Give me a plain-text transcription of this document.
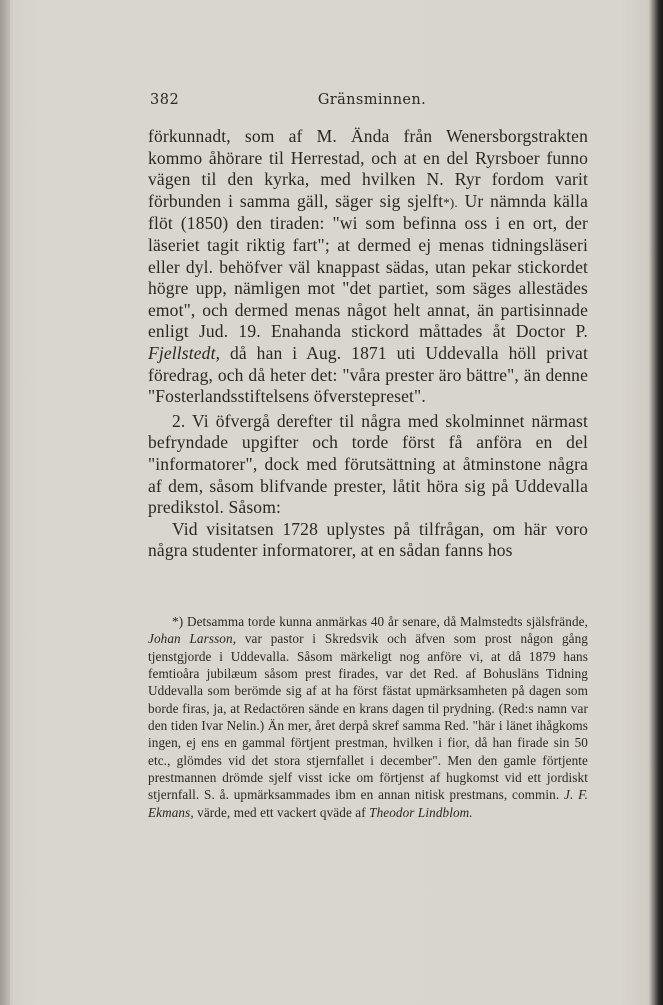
382	Gränsminnen.

förkunnadt, som af M. Ända från Wenersborgstrakten kommo åhörare til Herrestad, och at en del Ryrsboer funno vägen til den kyrka, med hvilken N. Ryr fordom varit förbunden i samma gäll, säger sig sjelft*). Ur nämnda källa flöt (1850) den tiraden: "wi som befinna oss i en ort, der läseriet tagit riktig fart"; at dermed ej menas tidningsläseri eller dyl. behöfver väl knappast sädas, utan pekar stickordet högre upp, nämligen mot "det partiet, som säges allestädes emot", och dermed menas något helt annat, än partisinnade enligt Jud. 19. Enahanda stickord måttades åt Doctor P. Fjellstedt, då han i Aug. 1871 uti Uddevalla höll privat föredrag, och då heter det: "våra prester äro bättre", än denne "Fosterlandsstiftelsens öfverstepreset".

2. Vi öfvergå derefter til några med skolminnet närmast befryndade upgifter och torde först få anföra en del "informatorer", dock med förutsättning at åtminstone några af dem, såsom blifvande prester, låtit höra sig på Uddevalla predikstol. Såsom:

Vid visitatsen 1728 uplystes på tilfrågan, om här voro några studenter informatorer, at en sådan fanns hos

*) Detsamma torde kunna anmärkas 40 år senare, då Malmstedts själsfrände, Johan Larsson, var pastor i Skredsvik och äfven som prost någon gång tjenstgjorde i Uddevalla. Såsom märkeligt nog anföre vi, at då 1879 hans femtioåra jubilæum såsom prest firades, var det Red. af Bohusläns Tidning Uddevalla som berömde sig af at ha först fästat upmärksamheten på dagen som borde firas, ja, at Redactören sände en krans dagen til prydning. (Red:s namn var den tiden Ivar Nelin.) Än mer, året derpå skref samma Red. "här i länet ihågkoms ingen, ej ens en gammal förtjent prestman, hvilken i fior, då han firade sin 50 etc., glömdes vid det stora stjernfallet i december". Men den gamle förtjente prestmannen drömde sjelf visst icke om förtjenst af hugkomst vid ett jordiskt stjernfall. S. å. upmärksammades ibm en annan nitisk prestmans, commin. J. F. Ekmans, värde, med ett vackert qväde af Theodor Lindblom.
